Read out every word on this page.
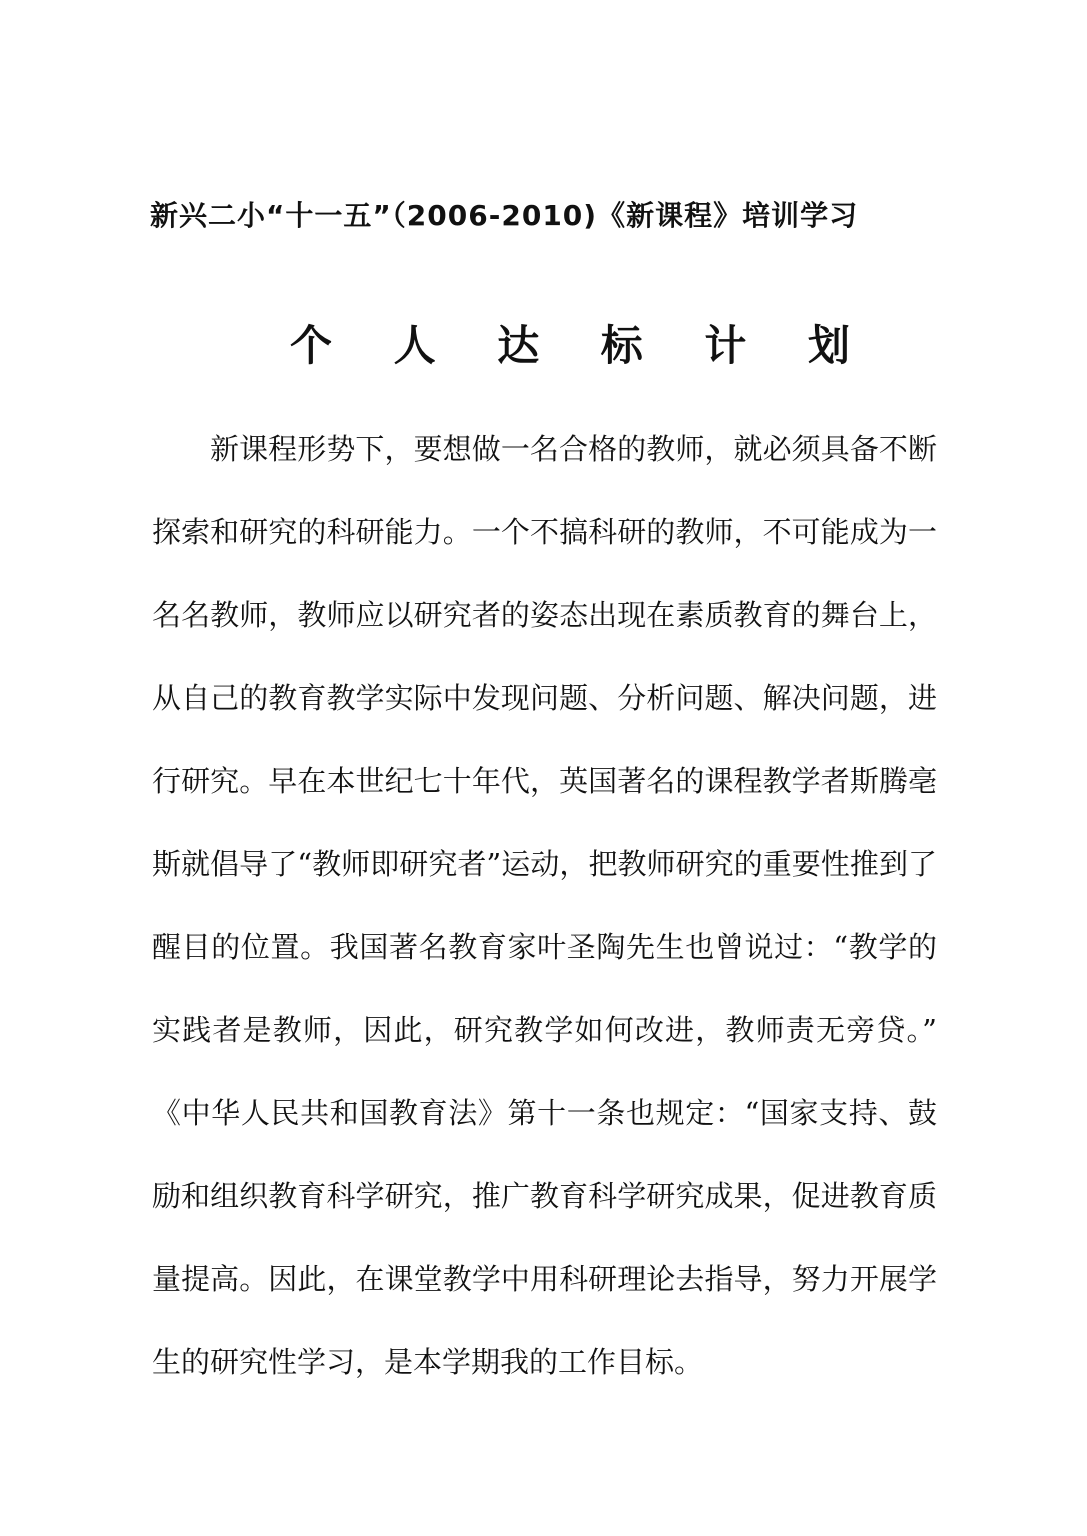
新兴二小“十一五”（2006-2010)《新课程》培训学习
个 人 达 标 计 划
新课程形势下，要想做一名合格的教师，就必须具备不断
探索和研究的科研能力。一个不搞科研的教师，不可能成为一
名名教师，教师应以研究者的姿态出现在素质教育的舞台上，
从自己的教育教学实际中发现问题、分析问题、解决问题，进
行研究。早在本世纪七十年代，英国著名的课程教学者斯腾亳
斯就倡导了“教师即研究者”运动，把教师研究的重要性推到了
醒目的位置。我国著名教育家叶圣陶先生也曾说过：“教学的
实践者是教师，因此，研究教学如何改进，教师责无旁贷。”
《中华人民共和国教育法》第十一条也规定：“国家支持、鼓
励和组织教育科学研究，推广教育科学研究成果，促进教育质
量提高。因此，在课堂教学中用科研理论去指导，努力开展学
生的研究性学习，是本学期我的工作目标。
